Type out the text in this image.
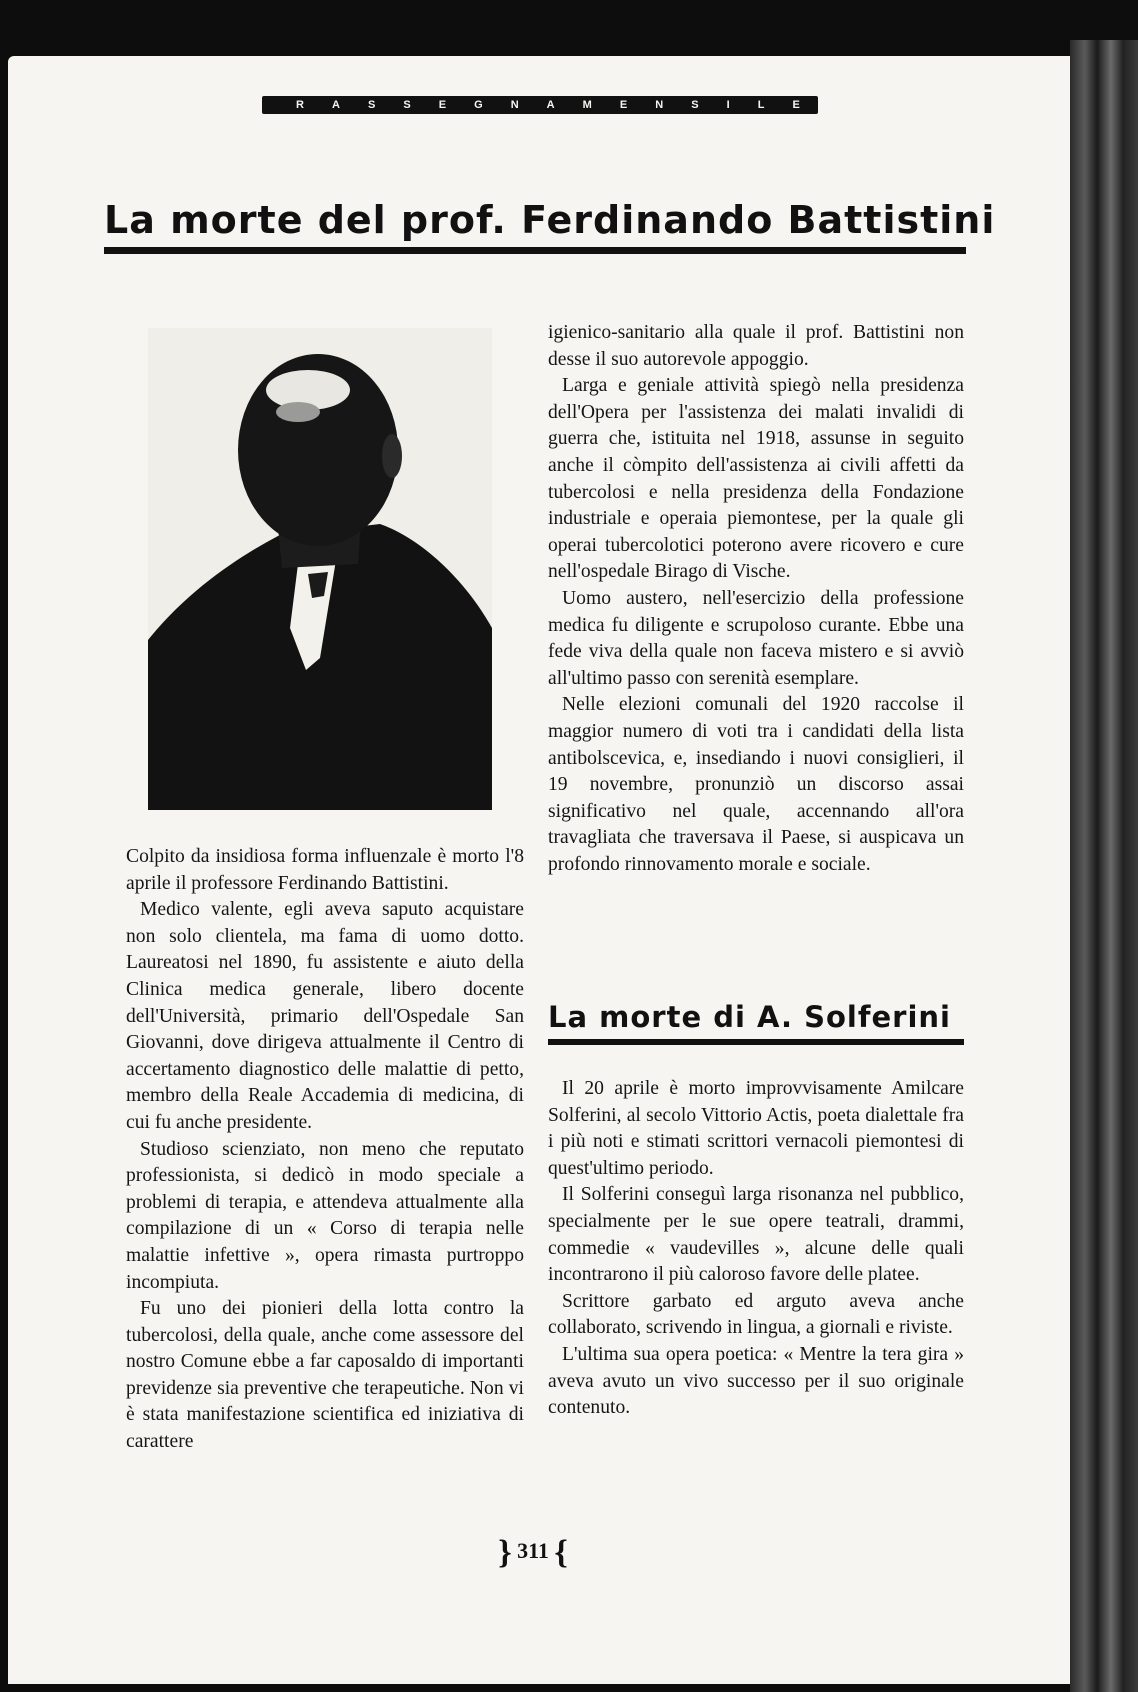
R A S S E G N A M E N S I L E
La morte del prof. Ferdinando Battistini

Colpito da insidiosa forma influenzale è morto l'8 aprile il professore Ferdinando Battistini.

Medico valente, egli aveva saputo acquistare non solo clientela, ma fama di uomo dotto. Laureatosi nel 1890, fu assistente e aiuto della Clinica medica generale, libero docente dell'Università, primario dell'Ospedale San Giovanni, dove dirigeva attualmente il Centro di accertamento diagnostico delle malattie di petto, membro della Reale Accademia di medicina, di cui fu anche presidente.

Studioso scienziato, non meno che reputato professionista, si dedicò in modo speciale a problemi di terapia, e attendeva attualmente alla compilazione di un « Corso di terapia nelle malattie infettive », opera rimasta purtroppo incompiuta.

Fu uno dei pionieri della lotta contro la tubercolosi, della quale, anche come assessore del nostro Comune ebbe a far caposaldo di importanti previdenze sia preventive che terapeutiche. Non vi è stata manifestazione scientifica ed iniziativa di carattere

igienico-sanitario alla quale il prof. Battistini non desse il suo autorevole appoggio.

Larga e geniale attività spiegò nella presidenza dell'Opera per l'assistenza dei malati invalidi di guerra che, istituita nel 1918, assunse in seguito anche il còmpito dell'assistenza ai civili affetti da tubercolosi e nella presidenza della Fondazione industriale e operaia piemontese, per la quale gli operai tubercolotici poterono avere ricovero e cure nell'ospedale Birago di Vische.

Uomo austero, nell'esercizio della professione medica fu diligente e scrupoloso curante. Ebbe una fede viva della quale non faceva mistero e si avviò all'ultimo passo con serenità esemplare.

Nelle elezioni comunali del 1920 raccolse il maggior numero di voti tra i candidati della lista antibolscevica, e, insediando i nuovi consiglieri, il 19 novembre, pronunziò un discorso assai significativo nel quale, accennando all'ora travagliata che traversava il Paese, si auspicava un profondo rinnovamento morale e sociale.

La morte di A. Solferini

Il 20 aprile è morto improvvisamente Amilcare Solferini, al secolo Vittorio Actis, poeta dialettale fra i più noti e stimati scrittori vernacoli piemontesi di quest'ultimo periodo.

Il Solferini conseguì larga risonanza nel pubblico, specialmente per le sue opere teatrali, drammi, commedie « vaudevilles », alcune delle quali incontrarono il più caloroso favore delle platee.

Scrittore garbato ed arguto aveva anche collaborato, scrivendo in lingua, a giornali e riviste.

L'ultima sua opera poetica: « Mentre la tera gira » aveva avuto un vivo successo per il suo originale contenuto.

} 311 {
